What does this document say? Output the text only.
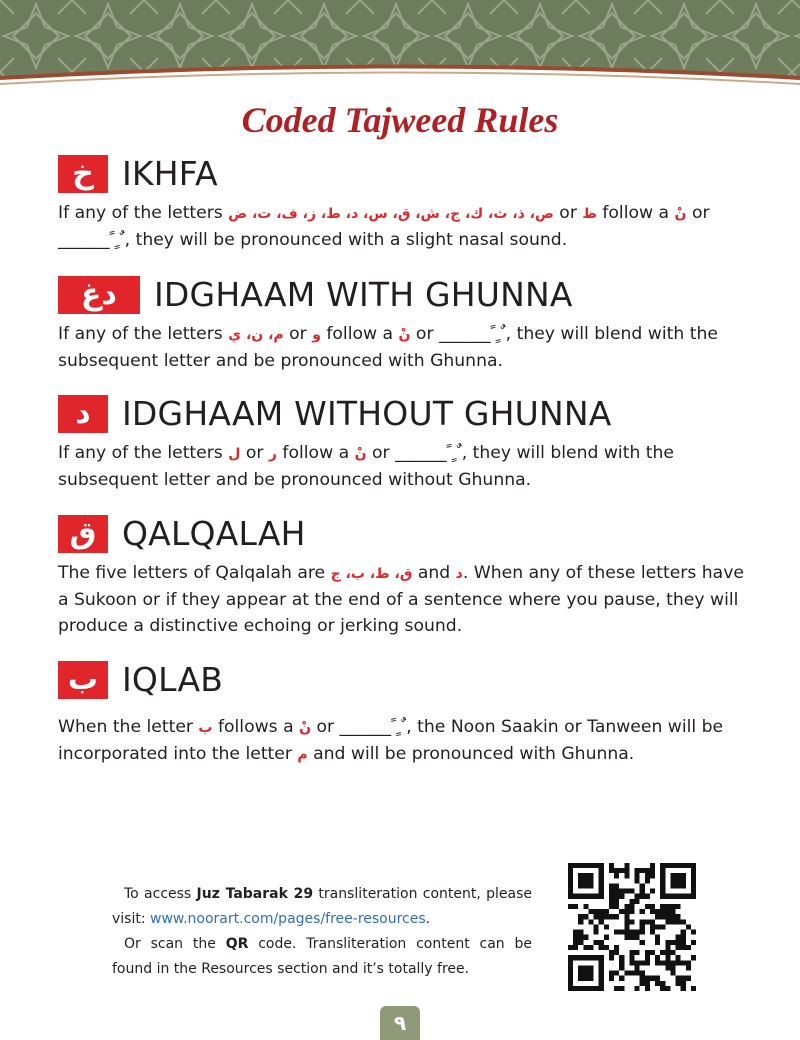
Coded Tajweed Rules
خ IKHFA

If any of the letters ص، ذ، ث، ك، ج، ش، ق، س، د، ط، ز، ف، ت، ض or ظ follow a نْ or ______ ً ٍ ٌ, they will be pronounced with a slight nasal sound.

دغ	IDGHAAM WITH GHUNNA

If any of the letters م، ن، ي or و follow a نْ or ______ ً ٍ ٌ, they will blend with the subsequent letter and be pronounced with Ghunna.

د IDGHAAM WITHOUT GHUNNA

If any of the letters ل or ر follow a نْ or ______ ً ٍ ٌ, they will blend with the subsequent letter and be pronounced without Ghunna.

ق QALQALAH

The five letters of Qalqalah are ق، ط، ب، ج and د. When any of these letters have a Sukoon or if they appear at the end of a sentence where you pause, they will produce a distinctive echoing or jerking sound.

ب IQLAB

When the letter ب follows a نْ or ______ ً ٍ ٌ, the Noon Saakin or Tanween will be incorporated into the letter م and will be pronounced with Ghunna.

To access Juz Tabarak 29 transliteration content, please visit: www.noorart.com/pages/free-resources.

Or scan the QR code. Transliteration content can be found in the Resources section and it’s totally free.

٩
